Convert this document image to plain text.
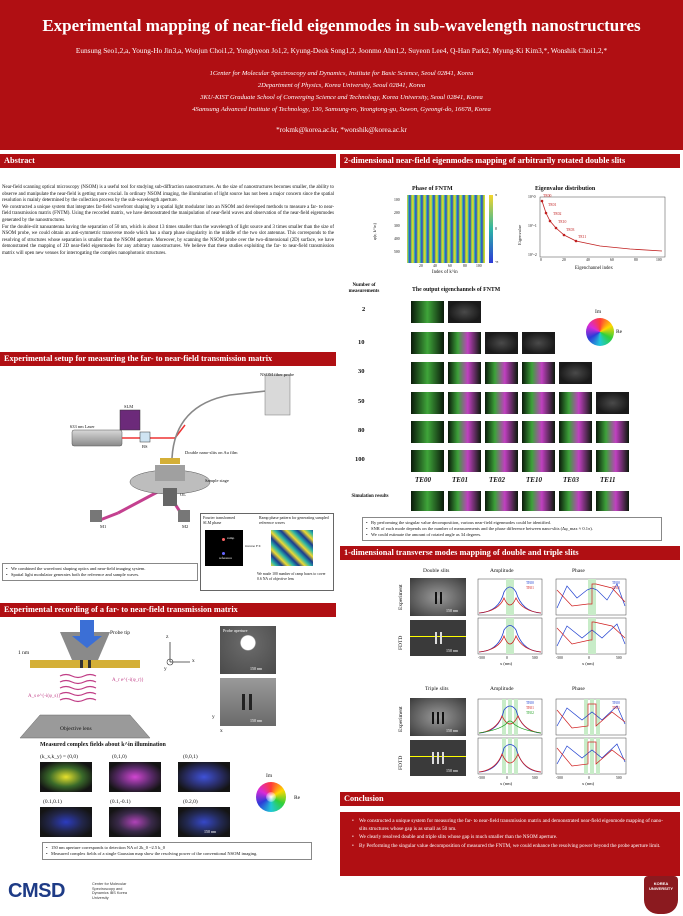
Experimental mapping of near-field eigenmodes in sub-wavelength nanostructures
Eunsung Seo1,2,a, Young-Ho Jin3,a, Wonjun Choi1,2, Yonghyeon Jo1,2, Kyung-Deok Song1,2, Joonmo Ahn1,2, Suyeon Lee4, Q-Han Park2, Myung-Ki Kim3,*, Wonshik Choi1,2,*
1Center for Molecular Spectroscopy and Dynamics, Institute for Basic Science, Seoul 02841, Korea
2Department of Physics, Korea University, Seoul 02841, Korea
3KU-KIST Graduate School of Converging Science and Technology, Korea University, Seoul 02841, Korea
4Samsung Advanced Institute of Technology, 130, Samsung-ro, Yeongtong-gu, Suwon, Gyeongi-do, 16678, Korea
*rokmk@korea.ac.kr, *wonshik@korea.ac.kr
Abstract

Near-field scanning optical microscopy (NSOM) is a useful tool for studying sub-diffraction nanostructures. As the size of nanostructures becomes smaller, the ability to observe and manipulate the near-field is getting more crucial. In ordinary NSOM imaging, the illumination of light source has not been a major concern since the spatial resolution is mainly determined by the collection process by the sub-wavelength aperture.

We constructed a unique system that integrates far-field wavefront shaping by a spatial light modulator into an NSOM and developed methods to measure a far- to near-field transmission matrix (FNTM). Using the recorded matrix, we have demonstrated the manipulation of near-field waves and observation of the near-field eigenmodes generated by the nanostructures.

For the double-slit nanoantenna having the separation of 50 nm, which is about 13 times smaller than the wavelength of light source and 3 times smaller than the size of NSOM probe, we could obtain an anti-symmetric transverse mode which has a sharp phase singularity in the middle of the two slot antennas. This corresponds to the resolving of structures whose separation is smaller than the NSOM aperture. Moreover, by scanning the NSOM probe over the two-dimensional (2D) surface, we have demonstrated the mapping of 2D near-field eigenmodes for any arbitrary nanostructures. We believe that these studies exploiting the far- to near-field transmission matrix will open new venues for interrogating the complex nanophotonic structures.

Experimental setup for measuring the far- to near-field transmission matrix
633 nm Laser
SLM
BS
NSOM fiber probe
Double nano-slits on Au film
Sample stage
OL
M1	M2
Fourier transformed SLM phase
Ramp phase pattern for generating sampled reference waves
ramp
reference
inverse F.T.
We made 100 number of ramp bases to cover 0.6 NA of objective lens
• We combined the wavefront shaping optics and near-field imaging system.
• Spatial light modulator generates both the reference and sample waves.
Experimental recording of a far- to near-field transmission matrix
Probe tip
1 nm
A_s e^{-i(φ_s)}
A_r e^{-i(φ_r)}
Objective lens
z
y
x
Probe aperture
150 nm
150 nm
y
x
Measured complex fields about k^in illumination
(k_x,k_y) = (0,0)	(0,1,0)	(0,0,1)
(0.1,0.1)	(0.1,-0.1)	(0.2,0)
150 nm
Im
Re
• 150 nm aperture corresponds to detection NA of 2k_0 ~2.5 k_0
• Measured complex fields of a single Gaussian map show the resolving power of the conventional NSOM imaging.
2-dimensional near-field eigenmodes mapping of arbitrarily rotated double slits
Phase of FNTM
π
0
-π
100
200
300
400
500
20	40	60	80 100
φ(r, k^in)
Index of k^in
Eigenvalue distribution
TE00
TE01
TE02
TE10
TE03
TE11
10^0
10^-1
10^-2
0	20	40	60	80	100
Eigenvalue
Eigenchannel index
Number of measurements	The output eigenchannels of FNTM
2
10
30
50
80
100
Im
Re
TE00	TE01	TE02	TE10	TE03	TE11
Simulation results
• By performing the singular value decomposition, various near-field eigenmodes could be identified.
• SNR of each mode depends on the number of measurements and the phase difference between nano-slits (Δφ_max ≈ 0.1π).
• We could estimate the amount of rotated angle as 34 degrees.
1-dimensional transverse modes mapping of double and triple slits
Double slits	Amplitude	Phase
Experiment
FDTD
150 nm
150 nm
TE00
TE01
TE00
TE01
-500	0	500
x (nm)
-500	0	500
x (nm)
Triple slits	Amplitude	Phase
Experiment
FDTD
150 nm
150 nm
TE00
TE01
TE02
TE00
TE01
-500	0	500
x (nm)
-500	0	500
x (nm)
Conclusion
• We constructed a unique system for measuring the far- to near-field transmission matrix and demonstrated near-field eigenmode mapping of nano-slits structures whose gap is as small as 50 nm.
• We clearly resolved double and triple slits whose gap is much smaller than the NSOM aperture.
• By Performing the singular value decomposition of measured the FNTM, we could enhance the resolving power beyond the probe aperture limit.
CMSD	Center for Molecular Spectroscopy and Dynamics IBS Korea University
KOREA UNIVERSITY
